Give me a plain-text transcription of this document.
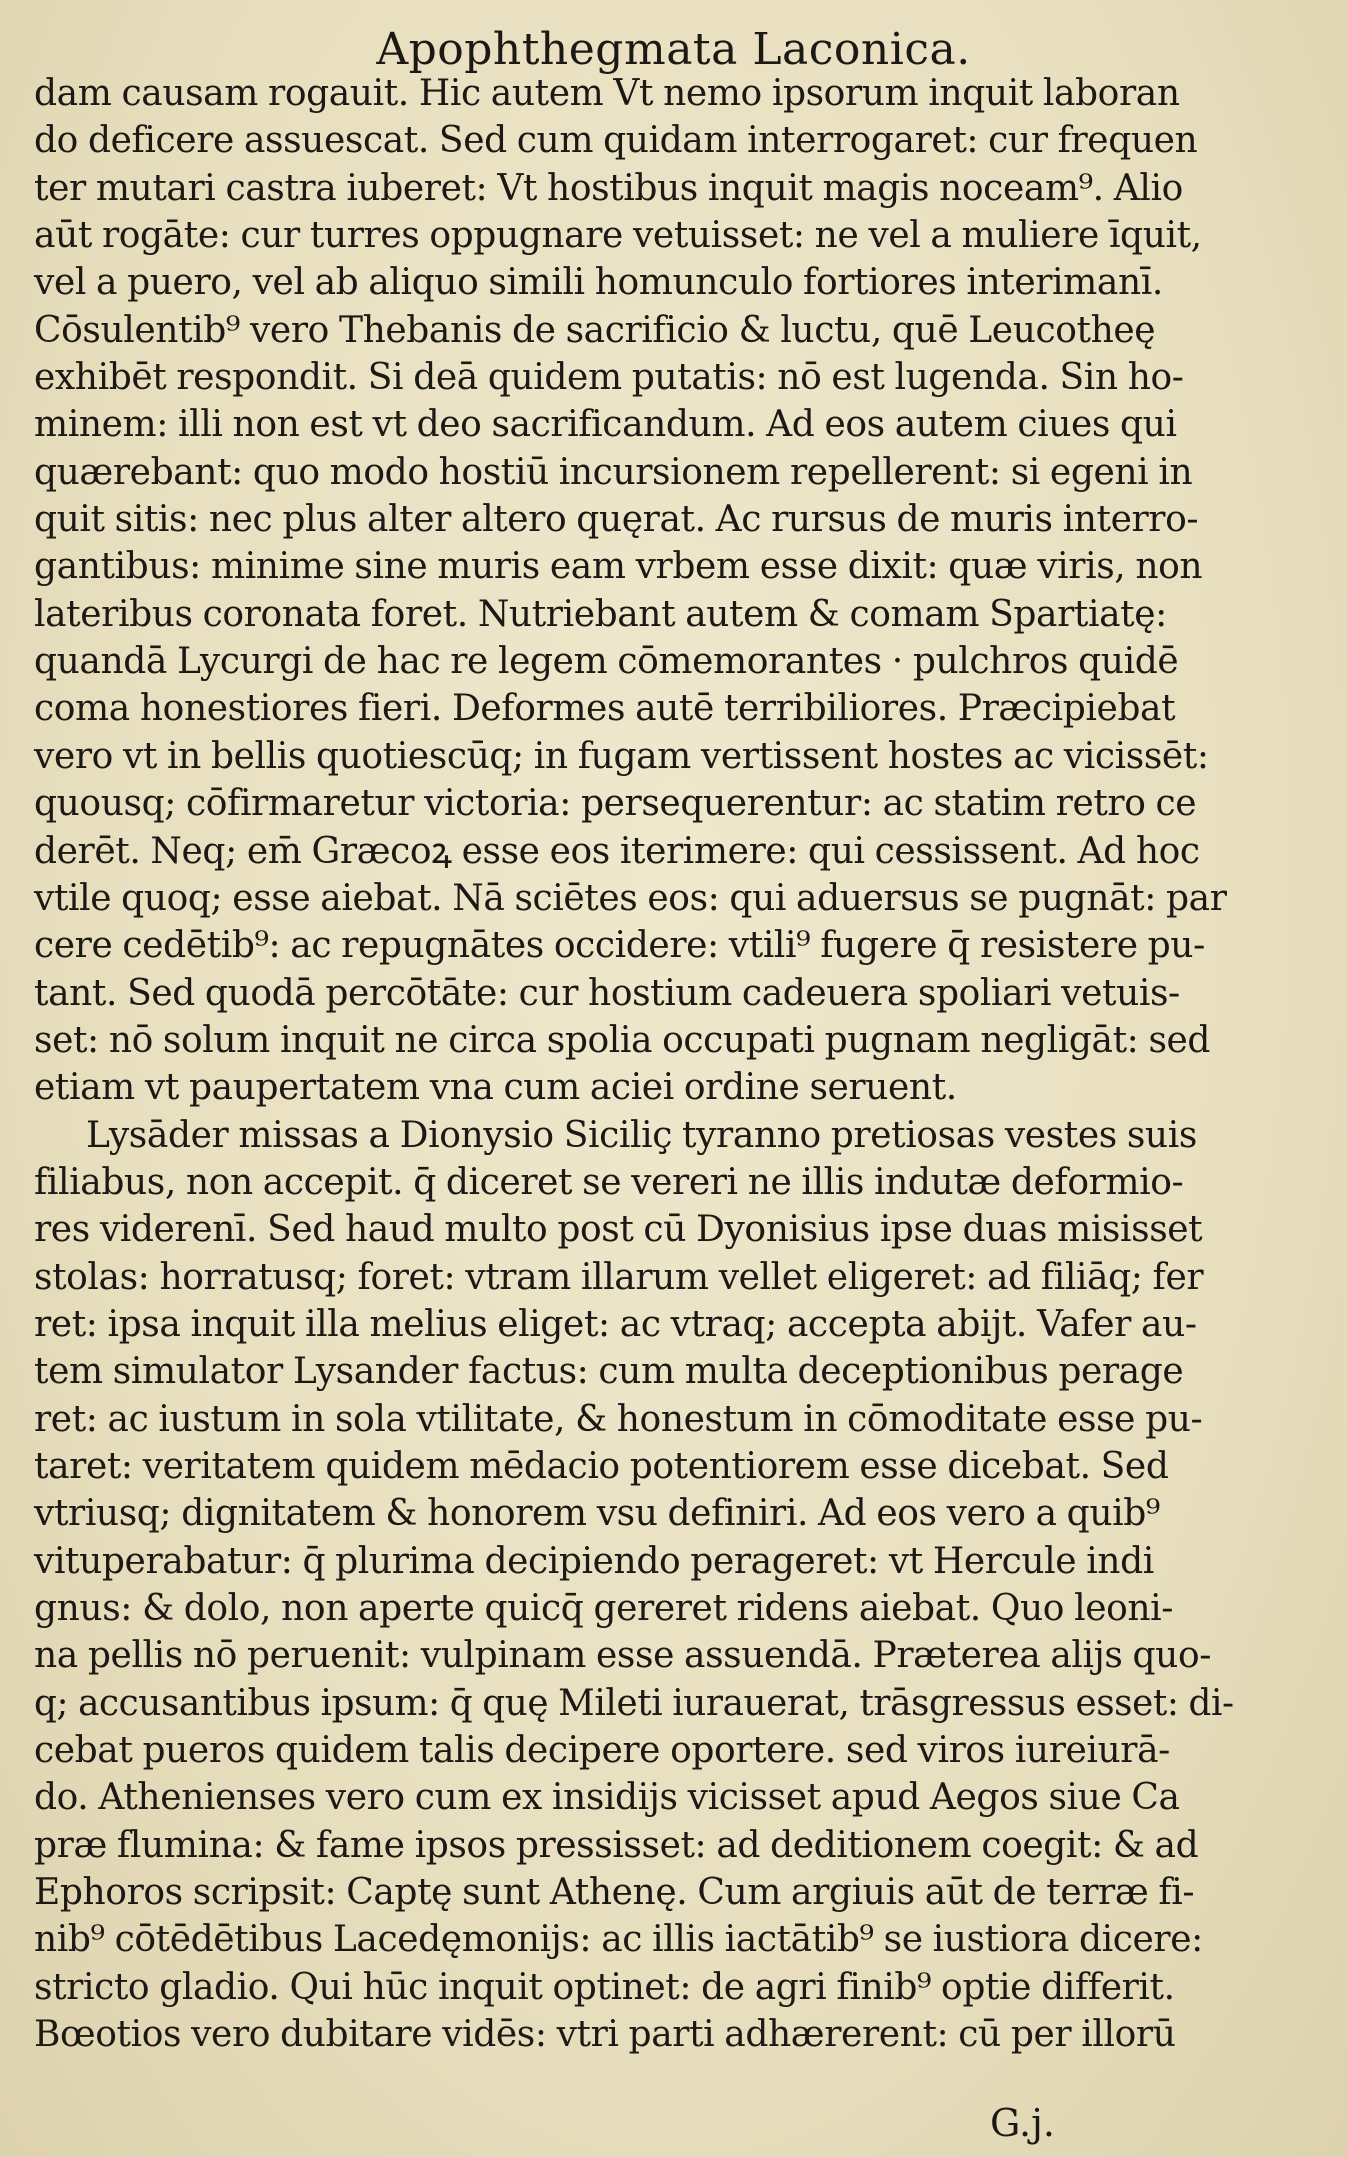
Apophthegmata Laconica.
dam causam rogauit. Hic autem Vt nemo ipsorum inquit laboran
do deficere assuescat. Sed cum quidam interrogaret: cur frequen
ter mutari castra iuberet: Vt hostibus inquit magis noceam⁹. Alio
aūt rogāte: cur turres oppugnare vetuisset: ne vel a muliere īquit,
vel a puero, vel ab aliquo simili homunculo fortiores interimanī.
Cōsulentib⁹ vero Thebanis de sacrificio & luctu, quē Leucotheę
exhibēt respondit. Si deā quidem putatis: nō est lugenda. Sin ho-
minem: illi non est vt deo sacrificandum. Ad eos autem ciues qui
quærebant: quo modo hostiū incursionem repellerent: si egeni in
quit sitis: nec plus alter altero quęrat. Ac rursus de muris interro-
gantibus: minime sine muris eam vrbem esse dixit: quæ viris, non
lateribus coronata foret. Nutriebant autem & comam Spartiatę:
quandā Lycurgi de hac re legem cōmemorantes · pulchros quidē
coma honestiores fieri. Deformes autē terribiliores. Præcipiebat
vero vt in bellis quotiescūq; in fugam vertissent hostes ac vicissēt:
quousq; cōfirmaretur victoria: persequerentur: ac statim retro ce
derēt. Neq; em̄ Græcoꝝ esse eos iterimere: qui cessissent. Ad hoc
vtile quoq; esse aiebat. Nā sciētes eos: qui aduersus se pugnāt: par
cere cedētib⁹: ac repugnātes occidere: vtili⁹ fugere q̄ resistere pu-
tant. Sed quodā percōtāte: cur hostium cadeuera spoliari vetuis-
set: nō solum inquit ne circa spolia occupati pugnam negligāt: sed
etiam vt paupertatem vna cum aciei ordine seruent.
Lysāder missas a Dionysio Siciliç tyranno pretiosas vestes suis
filiabus, non accepit. q̄ diceret se vereri ne illis indutæ deformio-
res viderenī. Sed haud multo post cū Dyonisius ipse duas misisset
stolas: horratusq; foret: vtram illarum vellet eligeret: ad filiāq; fer
ret: ipsa inquit illa melius eliget: ac vtraq; accepta abijt. Vafer au-
tem simulator Lysander factus: cum multa deceptionibus perage
ret: ac iustum in sola vtilitate, & honestum in cōmoditate esse pu-
taret: veritatem quidem mēdacio potentiorem esse dicebat. Sed
vtriusq; dignitatem & honorem vsu definiri. Ad eos vero a quib⁹
vituperabatur: q̄ plurima decipiendo perageret: vt Hercule indi
gnus: & dolo, non aperte quicq̄ gereret ridens aiebat. Quo leoni-
na pellis nō peruenit: vulpinam esse assuendā. Præterea alijs quo-
q; accusantibus ipsum: q̄ quę Mileti iurauerat, trāsgressus esset: di-
cebat pueros quidem talis decipere oportere. sed viros iureiurā-
do. Athenienses vero cum ex insidijs vicisset apud Aegos siue Ca
præ flumina: & fame ipsos pressisset: ad deditionem coegit: & ad
Ephoros scripsit: Captę sunt Athenę. Cum argiuis aūt de terræ fi-
nib⁹ cōtēdētibus Lacedęmonijs: ac illis iactātib⁹ se iustiora dicere:
stricto gladio. Qui hūc inquit optinet: de agri finib⁹ optie differit.
Bœotios vero dubitare vidēs: vtri parti adhærerent: cū per illorū
G.j.
